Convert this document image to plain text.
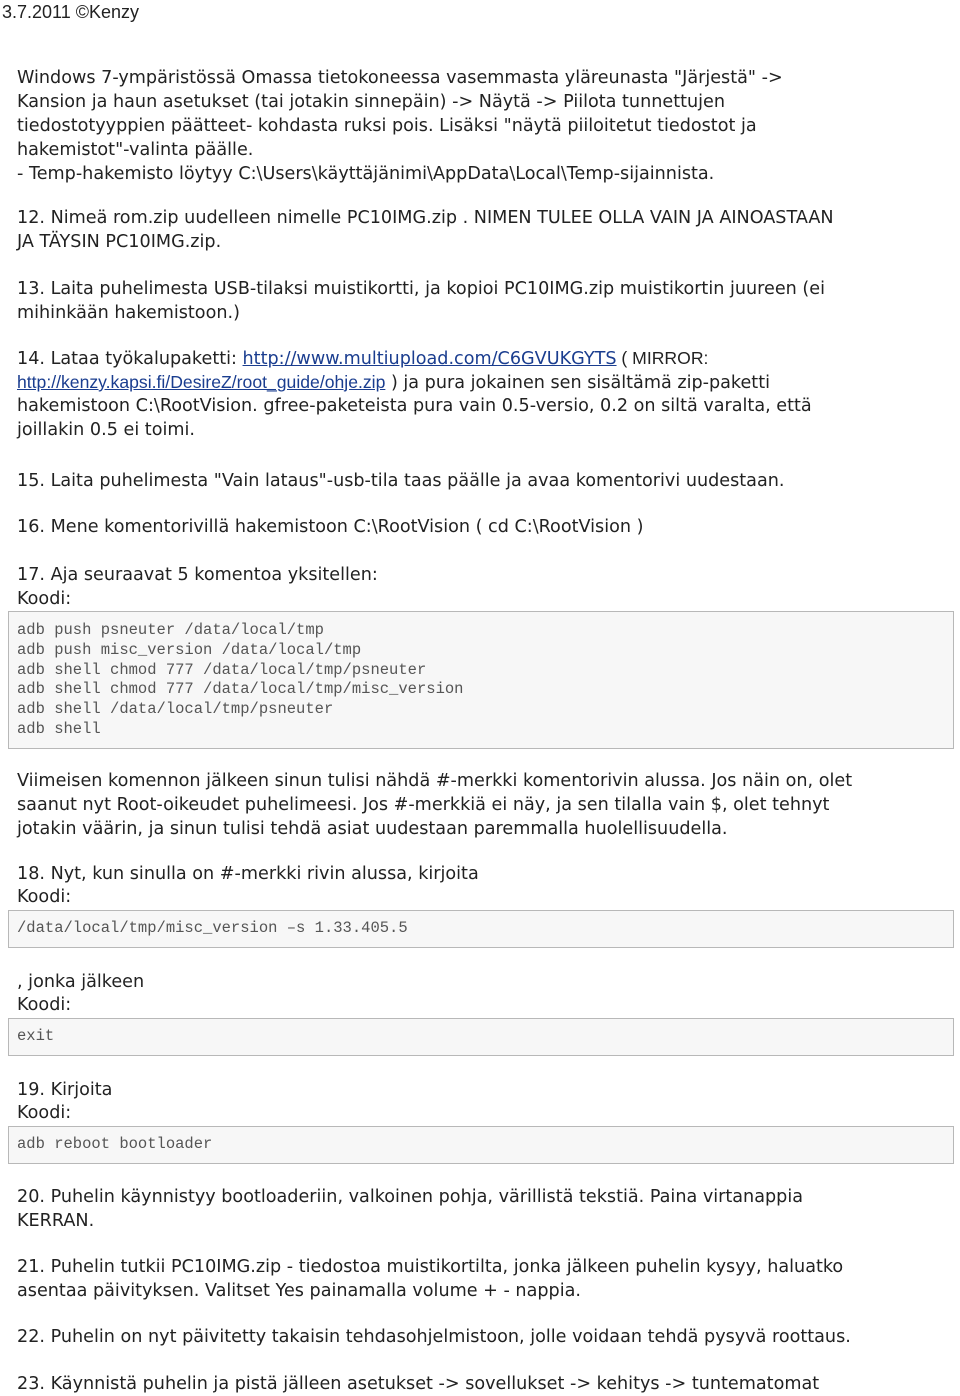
3.7.2011 ©Kenzy
Windows 7-ympäristössä Omassa tietokoneessa vasemmasta yläreunasta "Järjestä" ->
Kansion ja haun asetukset (tai jotakin sinnepäin) -> Näytä -> Piilota tunnettujen
tiedostotyyppien päätteet- kohdasta ruksi pois. Lisäksi "näytä piiloitetut tiedostot ja
hakemistot"-valinta päälle.
- Temp-hakemisto löytyy C:\Users\käyttäjänimi\AppData\Local\Temp-sijainnista.
12. Nimeä rom.zip uudelleen nimelle PC10IMG.zip . NIMEN TULEE OLLA VAIN JA AINOASTAAN
JA TÄYSIN PC10IMG.zip.
13. Laita puhelimesta USB-tilaksi muistikortti, ja kopioi PC10IMG.zip muistikortin juureen (ei
mihinkään hakemistoon.)
14. Lataa työkalupaketti: http://www.multiupload.com/C6GVUKGYTS ( MIRROR:
http://kenzy.kapsi.fi/DesireZ/root_guide/ohje.zip ) ja pura jokainen sen sisältämä zip-paketti
hakemistoon C:\RootVision. gfree-paketeista pura vain 0.5-versio, 0.2 on siltä varalta, että
joillakin 0.5 ei toimi.
15. Laita puhelimesta "Vain lataus"-usb-tila taas päälle ja avaa komentorivi uudestaan.
16. Mene komentorivillä hakemistoon C:\RootVision ( cd C:\RootVision )
17. Aja seuraavat 5 komentoa yksitellen:
Koodi:
adb push psneuter /data/local/tmp
adb push misc_version /data/local/tmp
adb shell chmod 777 /data/local/tmp/psneuter
adb shell chmod 777 /data/local/tmp/misc_version
adb shell /data/local/tmp/psneuter
adb shell
Viimeisen komennon jälkeen sinun tulisi nähdä #-merkki komentorivin alussa. Jos näin on, olet
saanut nyt Root-oikeudet puhelimeesi. Jos #-merkkiä ei näy, ja sen tilalla vain $, olet tehnyt
jotakin väärin, ja sinun tulisi tehdä asiat uudestaan paremmalla huolellisuudella.
18. Nyt, kun sinulla on #-merkki rivin alussa, kirjoita
Koodi:
/data/local/tmp/misc_version –s 1.33.405.5
, jonka jälkeen
Koodi:
exit
19. Kirjoita
Koodi:
adb reboot bootloader
20. Puhelin käynnistyy bootloaderiin, valkoinen pohja, värillistä tekstiä. Paina virtanappia
KERRAN.
21. Puhelin tutkii PC10IMG.zip - tiedostoa muistikortilta, jonka jälkeen puhelin kysyy, haluatko
asentaa päivityksen. Valitset Yes painamalla volume + - nappia.
22. Puhelin on nyt päivitetty takaisin tehdasohjelmistoon, jolle voidaan tehdä pysyvä roottaus.
23. Käynnistä puhelin ja pistä jälleen asetukset -> sovellukset -> kehitys -> tuntematomat
